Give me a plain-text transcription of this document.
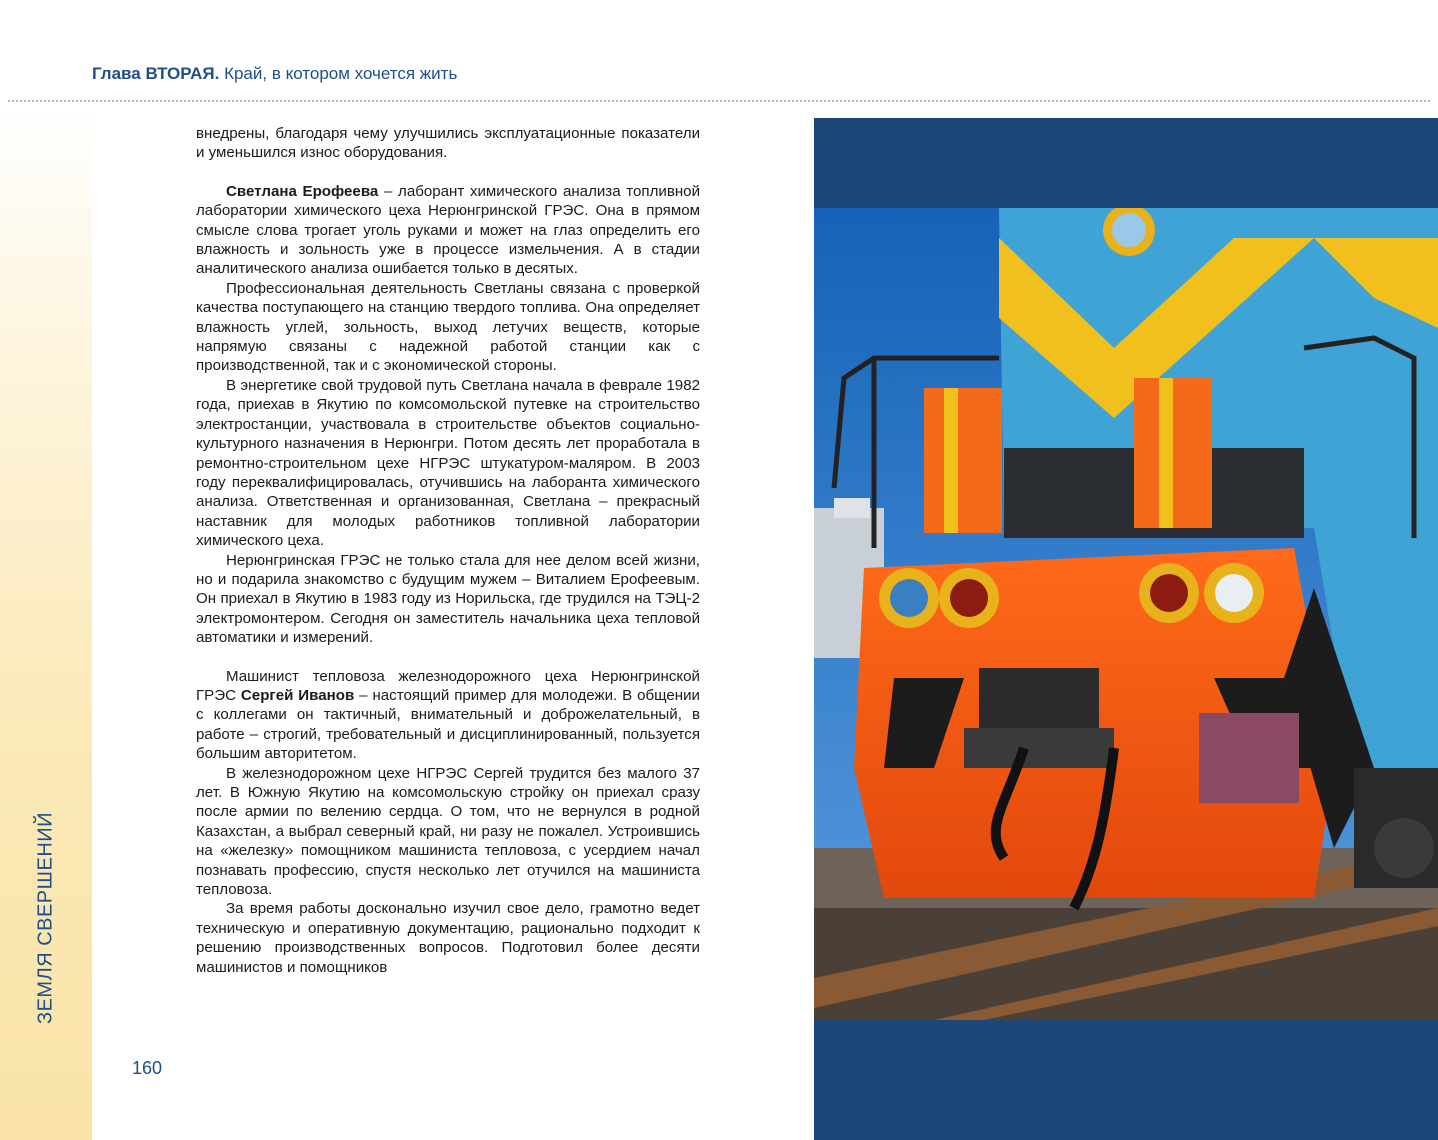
ЗЕМЛЯ СВЕРШЕНИЙ
Глава ВТОРАЯ. Край, в котором хочется жить

внедрены, благодаря чему улучшились эксплуатационные показатели и уменьшился износ оборудования.

Светлана Ерофеева – лаборант химического анализа топливной лаборатории химического цеха Нерюнгринской ГРЭС. Она в прямом смысле слова трогает уголь руками и может на глаз определить его влажность и зольность уже в процессе измельчения. А в стадии аналитического анализа ошибается только в десятых.

Профессиональная деятельность Светланы связана с проверкой качества поступающего на станцию твердого топлива. Она определяет влажность углей, зольность, выход летучих веществ, которые напрямую связаны с надежной работой станции как с производственной, так и с экономической стороны.

В энергетике свой трудовой путь Светлана начала в феврале 1982 года, приехав в Якутию по комсомольской путевке на строительство электростанции, участвовала в строительстве объектов социально-культурного назначения в Нерюнгри. Потом десять лет проработала в ремонтно-строительном цехе НГРЭС штукатуром-маляром. В 2003 году переквалифицировалась, отучившись на лаборанта химического анализа. Ответственная и организованная, Светлана – прекрасный наставник для молодых работников топливной лаборатории химического цеха.

Нерюнгринская ГРЭС не только стала для нее делом всей жизни, но и подарила знакомство с будущим мужем – Виталием Ерофеевым. Он приехал в Якутию в 1983 году из Норильска, где трудился на ТЭЦ-2 электромонтером. Сегодня он заместитель начальника цеха тепловой автоматики и измерений.

Машинист тепловоза железнодорожного цеха Нерюнгринской ГРЭС Сергей Иванов – настоящий пример для молодежи. В общении с коллегами он тактичный, внимательный и доброжелательный, в работе – строгий, требовательный и дисциплинированный, пользуется большим авторитетом.

В железнодорожном цехе НГРЭС Сергей трудится без малого 37 лет. В Южную Якутию на комсомольскую стройку он приехал сразу после армии по велению сердца. О том, что не вернулся в родной Казахстан, а выбрал северный край, ни разу не пожалел. Устроившись на «железку» помощником машиниста тепловоза, с усердием начал познавать профессию, спустя несколько лет отучился на машиниста тепловоза.

За время работы досконально изучил свое дело, грамотно ведет техническую и оперативную документацию, рационально подходит к решению производственных вопросов. Подготовил более десяти машинистов и помощников

160
